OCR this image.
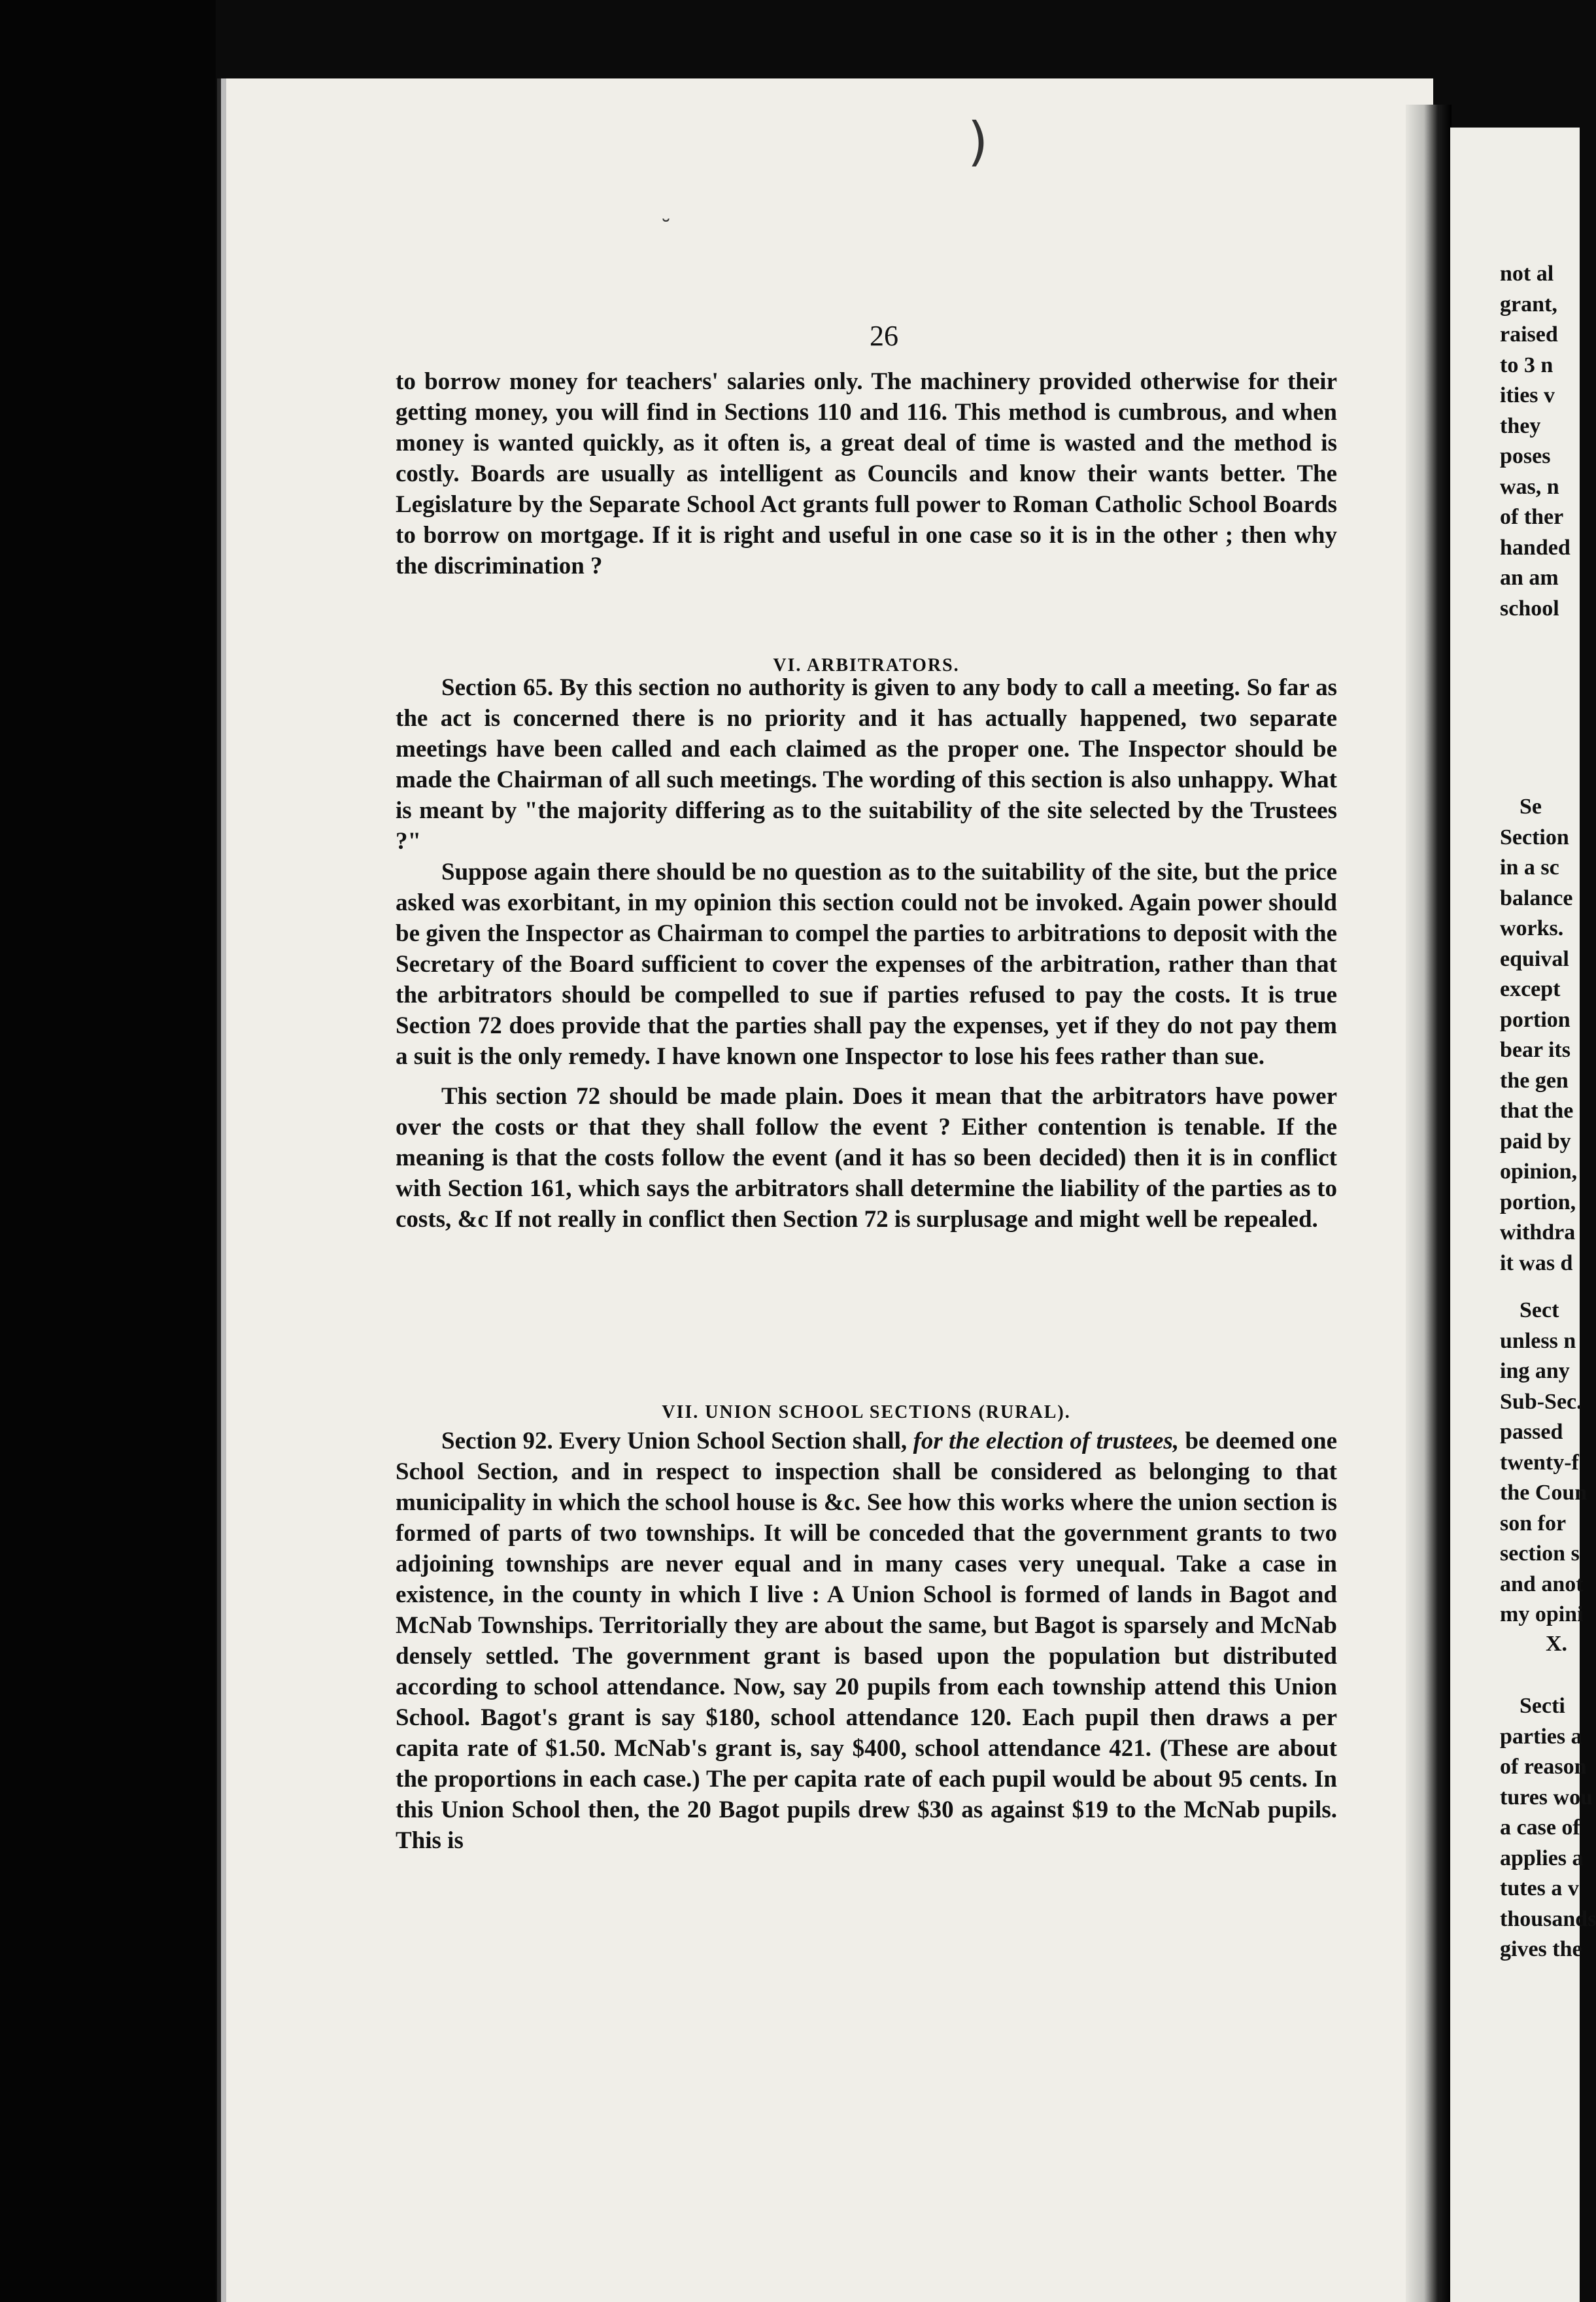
26

to borrow money for teachers' salaries only. The machinery provided otherwise for their getting money, you will find in Sections 110 and 116. This method is cumbrous, and when money is wanted quickly, as it often is, a great deal of time is wasted and the method is costly. Boards are usually as intelligent as Councils and know their wants better. The Legislature by the Separate School Act grants full power to Roman Catholic School Boards to borrow on mortgage. If it is right and useful in one case so it is in the other ; then why the discrimination ?

VI. ARBITRATORS.

Section 65. By this section no authority is given to any body to call a meeting. So far as the act is concerned there is no priority and it has actually happened, two separate meetings have been called and each claimed as the proper one. The Inspector should be made the Chairman of all such meetings. The wording of this section is also unhappy. What is meant by "the majority differing as to the suitability of the site selected by the Trustees ?"

Suppose again there should be no question as to the suitability of the site, but the price asked was exorbitant, in my opinion this section could not be invoked. Again power should be given the Inspector as Chairman to compel the parties to arbitrations to deposit with the Secretary of the Board sufficient to cover the expenses of the arbitration, rather than that the arbitrators should be compelled to sue if parties refused to pay the costs. It is true Section 72 does provide that the parties shall pay the expenses, yet if they do not pay them a suit is the only remedy. I have known one Inspector to lose his fees rather than sue.

This section 72 should be made plain. Does it mean that the arbitrators have power over the costs or that they shall follow the event ? Either contention is tenable. If the meaning is that the costs follow the event (and it has so been decided) then it is in conflict with Section 161, which says the arbitrators shall determine the liability of the parties as to costs, &c If not really in conflict then Section 72 is surplusage and might well be repealed.

VII. UNION SCHOOL SECTIONS (RURAL).

Section 92. Every Union School Section shall, for the election of trustees, be deemed one School Section, and in respect to inspection shall be considered as belonging to that municipality in which the school house is &c. See how this works where the union section is formed of parts of two townships. It will be conceded that the government grants to two adjoining townships are never equal and in many cases very unequal. Take a case in existence, in the county in which I live : A Union School is formed of lands in Bagot and McNab Townships. Territorially they are about the same, but Bagot is sparsely and McNab densely settled. The government grant is based upon the population but distributed according to school attendance. Now, say 20 pupils from each township attend this Union School. Bagot's grant is say $180, school attendance 120. Each pupil then draws a per capita rate of $1.50. McNab's grant is, say $400, school attendance 421. (These are about the proportions in each case.) The per capita rate of each pupil would be about 95 cents. In this Union School then, the 20 Bagot pupils drew $30 as against $19 to the McNab pupils. This is

not al
grant,
raised
to 3 n
ities v
they
poses
was, n
of ther
handed
an am
school
Se
Section
in a sc
balance
works.
equival
except
portion
bear its
the gen
that the
paid by
opinion,
portion,
withdra
it was d
Sect
unless n
ing any
Sub-Sec.
passed
twenty-f
the Coun
son for
section s
and anot
my opini
X.
Secti
parties a
of reason
tures wou
a case of
applies a
tutes a v
thousands
gives the
)
˘
